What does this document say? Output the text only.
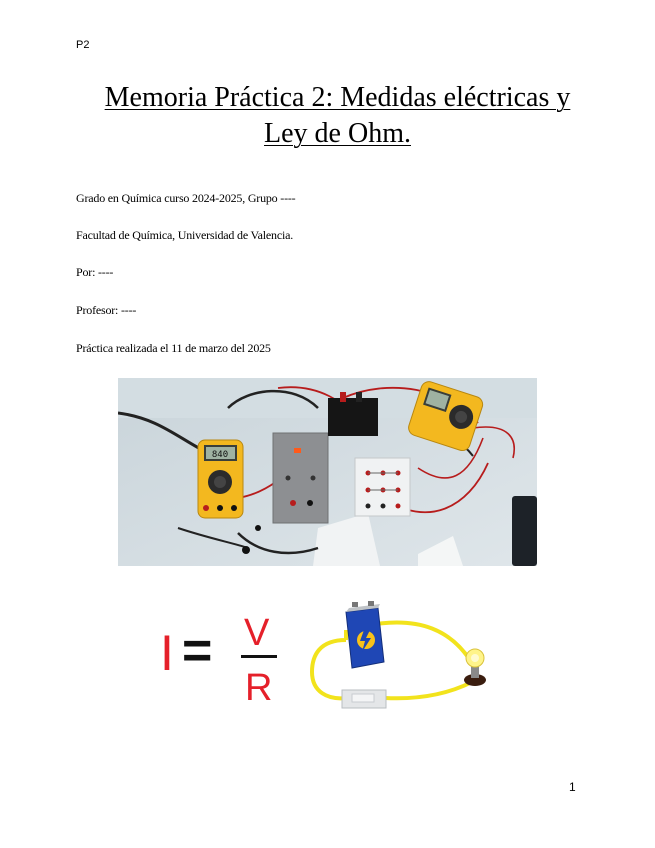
P2
Memoria Práctica 2: Medidas eléctricas y
Ley de Ohm.
Grado en Química curso 2024-2025, Grupo ----
Facultad de Química, Universidad de Valencia.
Por: ----
Profesor: ----
Práctica realizada el 11 de marzo del 2025
840
I = V
R
1
